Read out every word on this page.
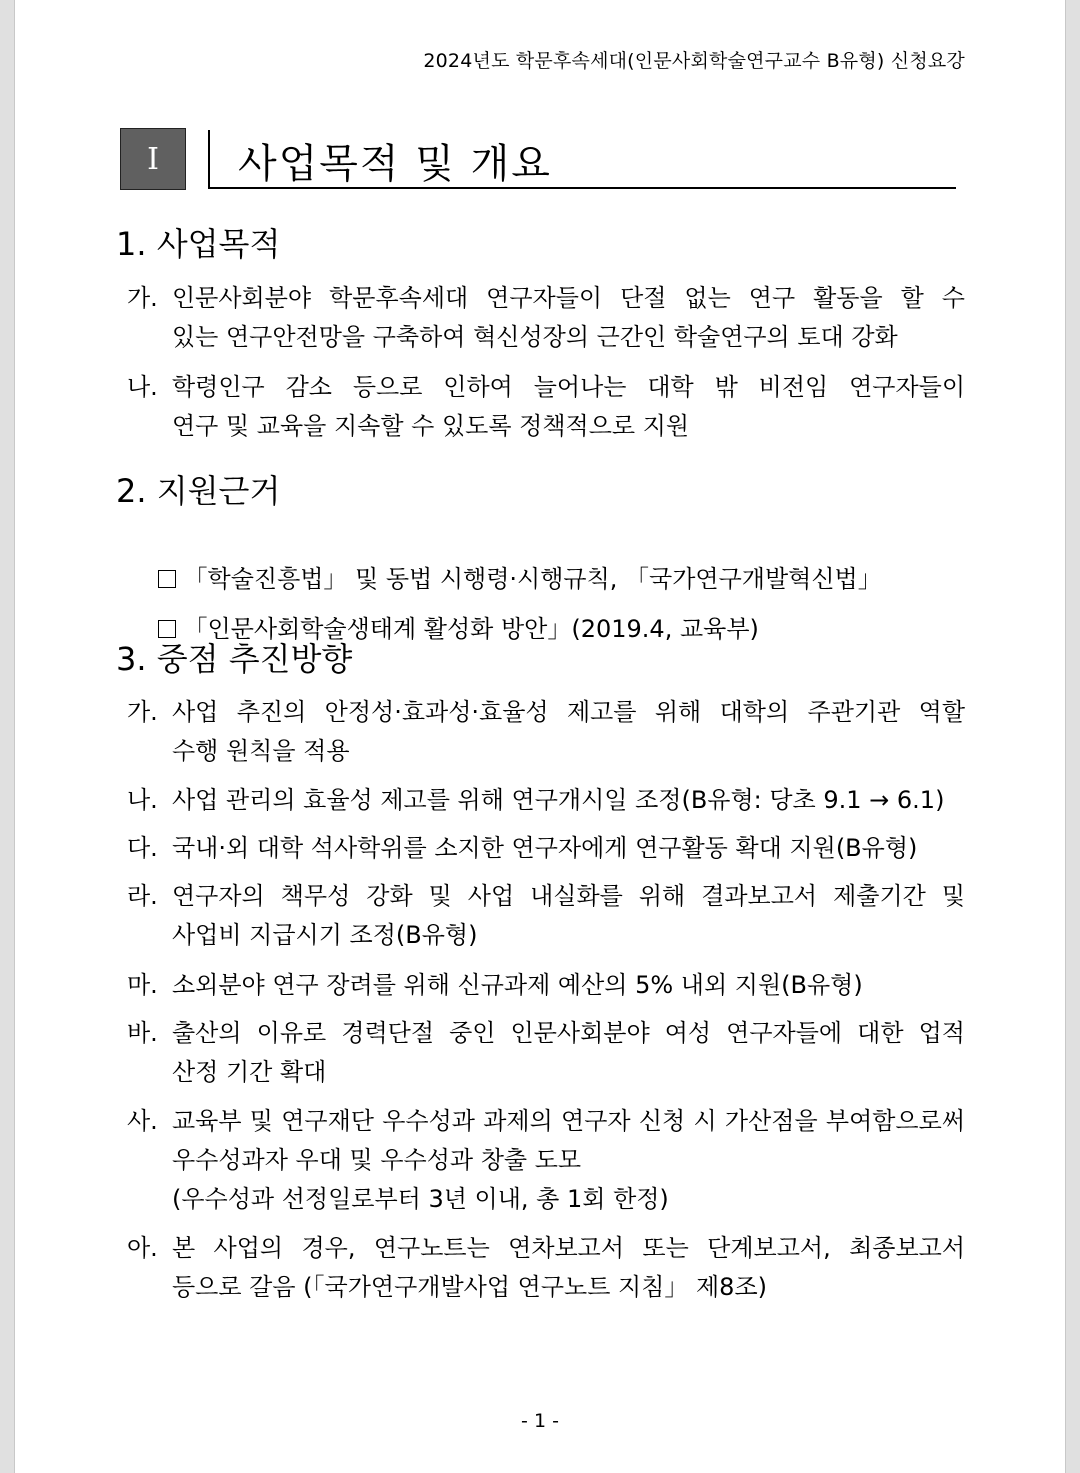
2024년도 학문후속세대(인문사회학술연구교수 B유형) 신청요강
I 사업목적 및 개요
1. 사업목적
가. 인문사회분야 학문후속세대 연구자들이 단절 없는 연구 활동을 할 수
있는 연구안전망을 구축하여 혁신성장의 근간인 학술연구의 토대 강화
나. 학령인구 감소 등으로 인하여 늘어나는 대학 밖 비전임 연구자들이
연구 및 교육을 지속할 수 있도록 정책적으로 지원
2. 지원근거

「학술진흥법」 및 동법 시행령·시행규칙, 「국가연구개발혁신법」

「인문사회학술생태계 활성화 방안」(2019.4, 교육부)

3. 중점 추진방향
가. 사업 추진의 안정성·효과성·효율성 제고를 위해 대학의 주관기관 역할
수행 원칙을 적용
나. 사업 관리의 효율성 제고를 위해 연구개시일 조정(B유형: 당초 9.1 → 6.1)
다. 국내·외 대학 석사학위를 소지한 연구자에게 연구활동 확대 지원(B유형)
라. 연구자의 책무성 강화 및 사업 내실화를 위해 결과보고서 제출기간 및
사업비 지급시기 조정(B유형)
마. 소외분야 연구 장려를 위해 신규과제 예산의 5% 내외 지원(B유형)
바. 출산의 이유로 경력단절 중인 인문사회분야 여성 연구자들에 대한 업적
산정 기간 확대
사. 교육부 및 연구재단 우수성과 과제의 연구자 신청 시 가산점을 부여함으로써
우수성과자 우대 및 우수성과 창출 도모
(우수성과 선정일로부터 3년 이내, 총 1회 한정)
아. 본 사업의 경우, 연구노트는 연차보고서 또는 단계보고서, 최종보고서
등으로 갈음 (「국가연구개발사업 연구노트 지침」 제8조)
- 1 -
